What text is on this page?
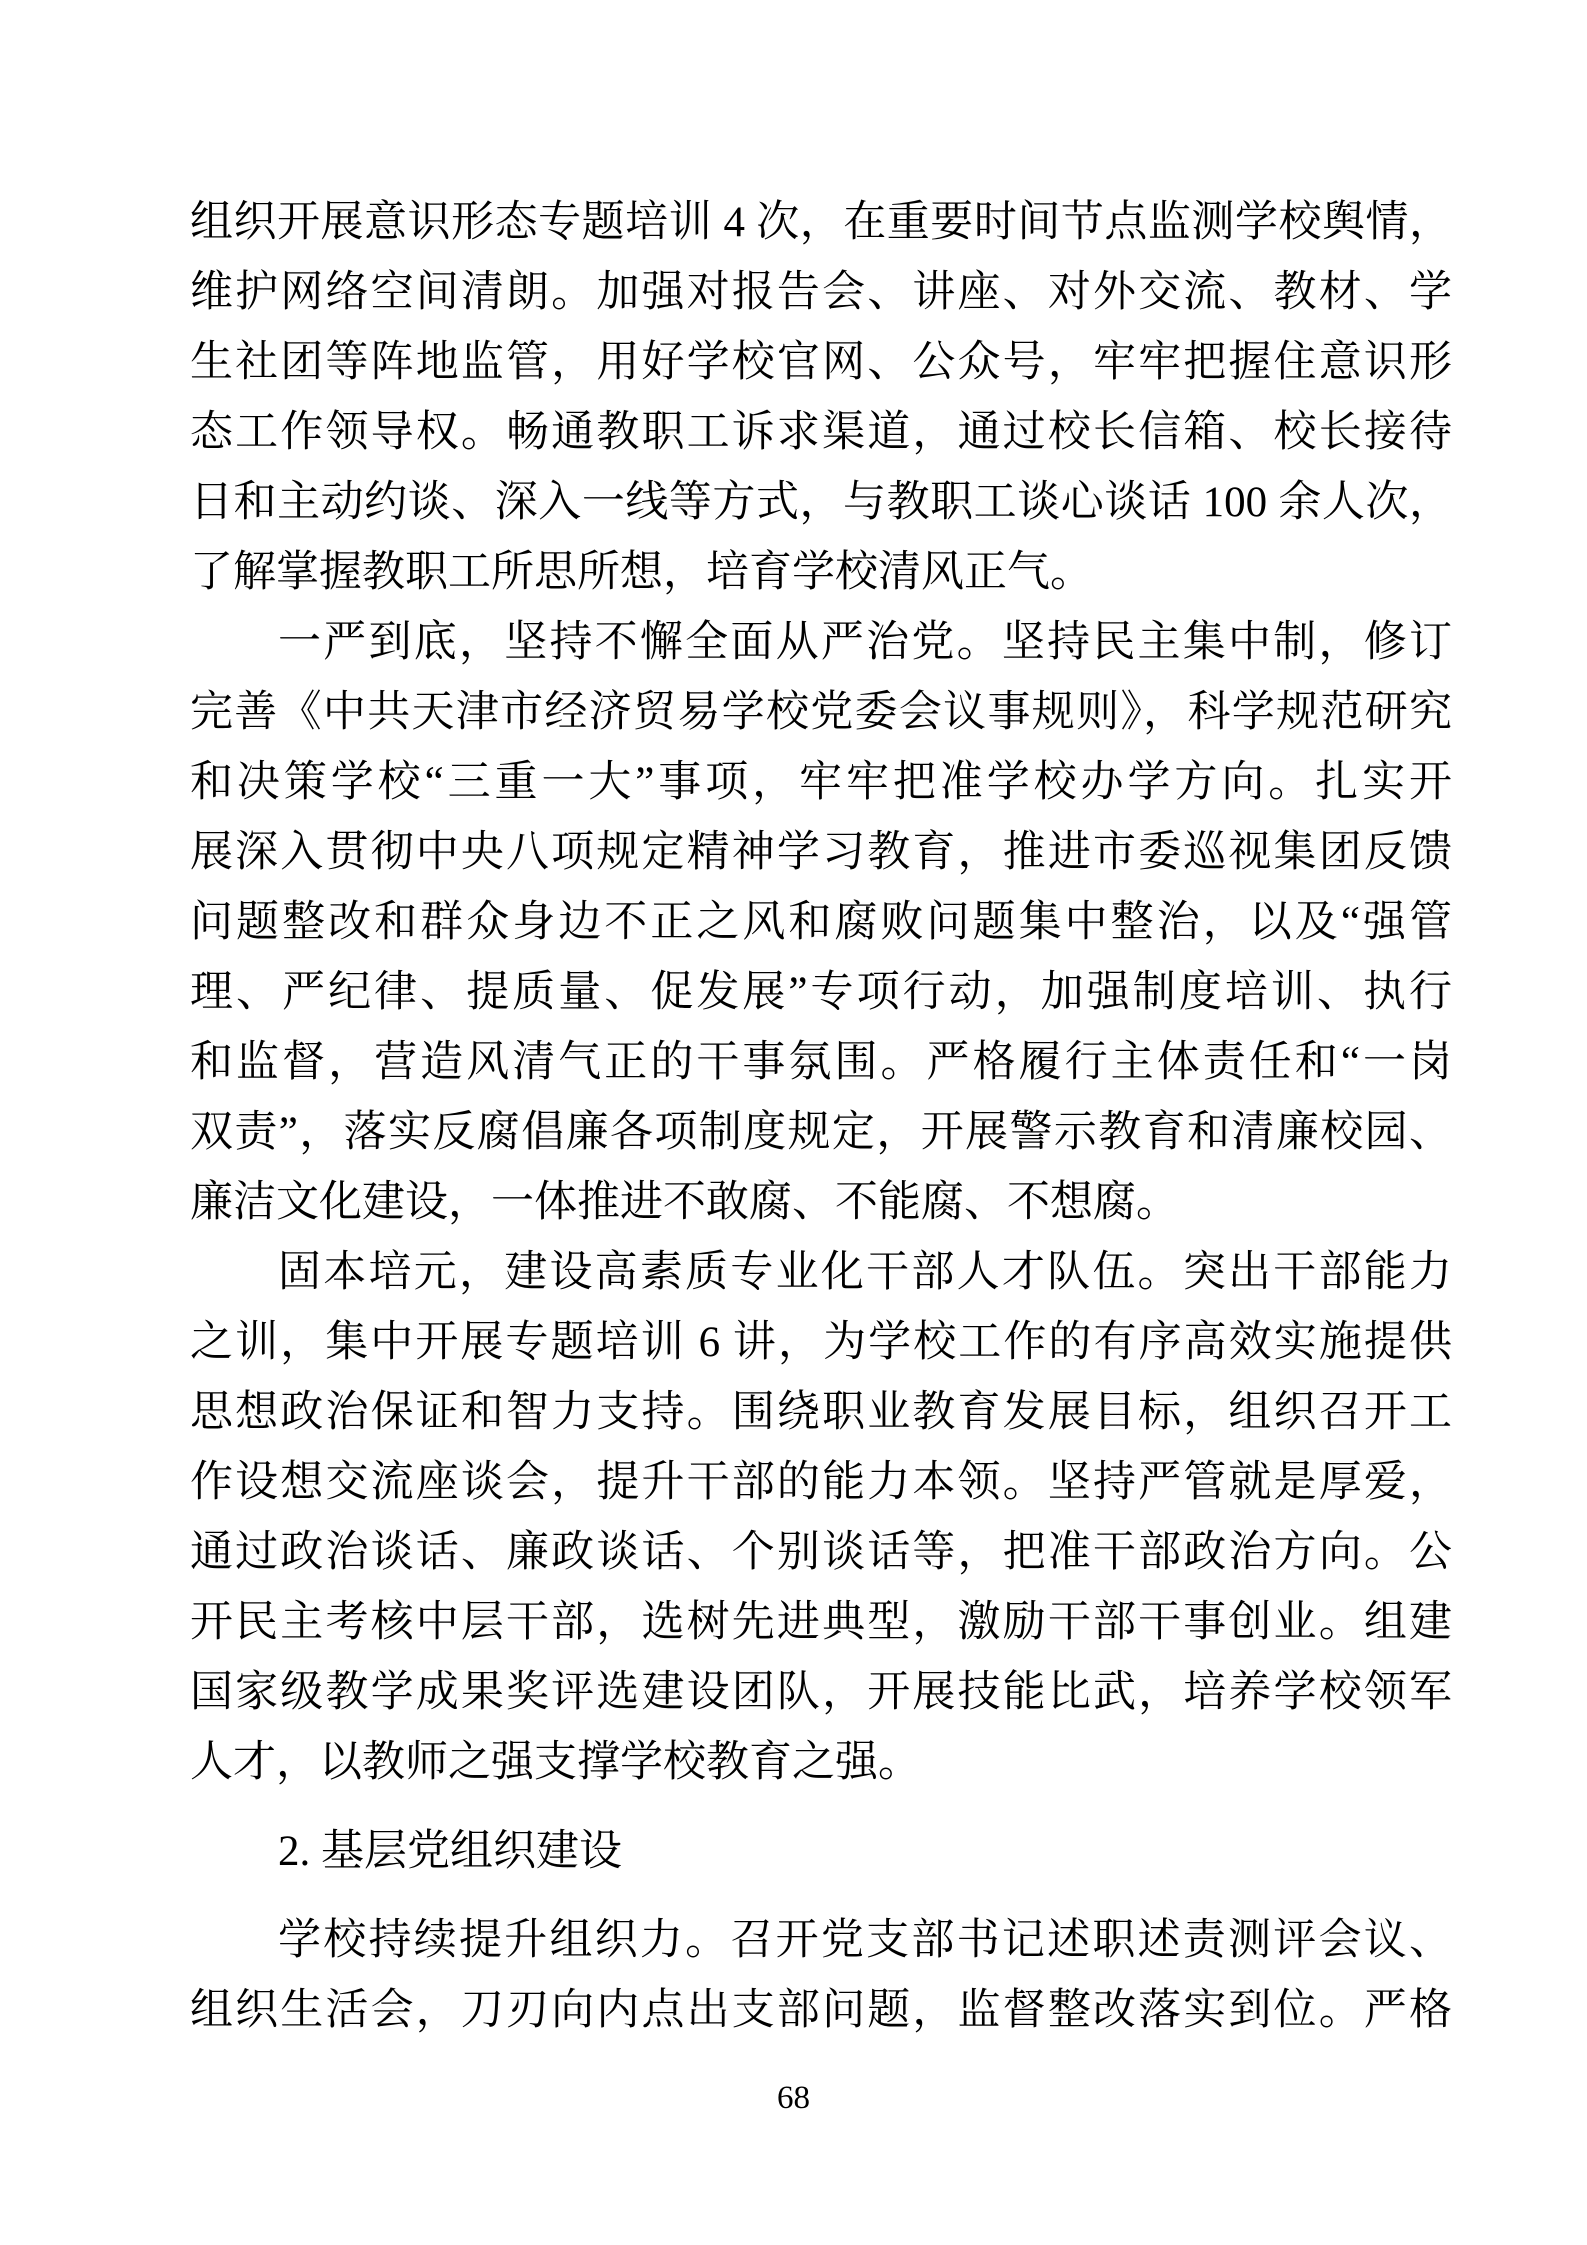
组织开展意识形态专题培训 4 次，在重要时间节点监测学校舆情，
维护网络空间清朗。加强对报告会、讲座、对外交流、教材、学
生社团等阵地监管，用好学校官网、公众号，牢牢把握住意识形
态工作领导权。畅通教职工诉求渠道，通过校长信箱、校长接待
日和主动约谈、深入一线等方式，与教职工谈心谈话 100 余人次，
了解掌握教职工所思所想，培育学校清风正气。
一严到底，坚持不懈全面从严治党。坚持民主集中制，修订
完善《中共天津市经济贸易学校党委会议事规则》，科学规范研究
和决策学校“三重一大”事项，牢牢把准学校办学方向。扎实开
展深入贯彻中央八项规定精神学习教育，推进市委巡视集团反馈
问题整改和群众身边不正之风和腐败问题集中整治，以及“强管
理、严纪律、提质量、促发展”专项行动，加强制度培训、执行
和监督，营造风清气正的干事氛围。严格履行主体责任和“一岗
双责”，落实反腐倡廉各项制度规定，开展警示教育和清廉校园、
廉洁文化建设，一体推进不敢腐、不能腐、不想腐。
固本培元，建设高素质专业化干部人才队伍。突出干部能力
之训，集中开展专题培训 6 讲，为学校工作的有序高效实施提供
思想政治保证和智力支持。围绕职业教育发展目标，组织召开工
作设想交流座谈会，提升干部的能力本领。坚持严管就是厚爱，
通过政治谈话、廉政谈话、个别谈话等，把准干部政治方向。公
开民主考核中层干部，选树先进典型，激励干部干事创业。组建
国家级教学成果奖评选建设团队，开展技能比武，培养学校领军
人才，以教师之强支撑学校教育之强。
2. 基层党组织建设
学校持续提升组织力。召开党支部书记述职述责测评会议、
组织生活会，刀刃向内点出支部问题，监督整改落实到位。严格
68
